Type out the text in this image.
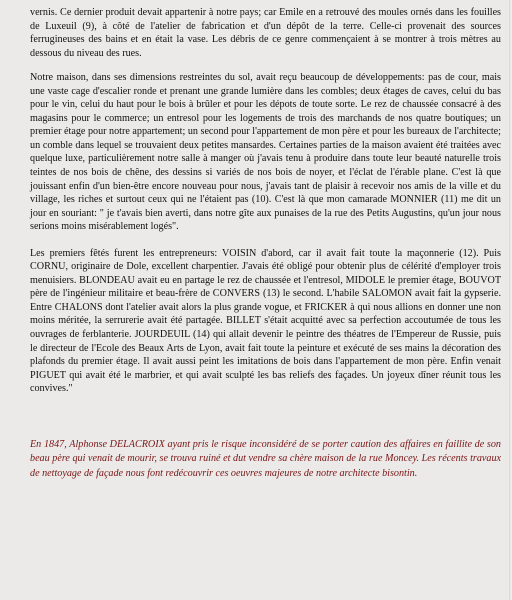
vernis. Ce dernier produit devait appartenir à notre pays; car Emile en a retrouvé des moules ornés dans les fouilles de Luxeuil (9), à côté de l'atelier de fabrication et d'un dépôt de la terre. Celle-ci provenait des sources ferrugineuses des bains et en était la vase. Les débris de ce genre commençaient à se montrer à trois mètres au dessous du niveau des rues.

Notre maison, dans ses dimensions restreintes du sol, avait reçu beaucoup de développements: pas de cour, mais une vaste cage d'escalier ronde et prenant une grande lumière dans les combles; deux étages de caves, celui du bas pour le vin, celui du haut pour le bois à brûler et pour les dépots de toute sorte. Le rez de chaussée consacré à des magasins pour le commerce; un entresol pour les logements de trois des marchands de nos quatre boutiques; un premier étage pour notre appartement; un second pour l'appartement de mon père et pour les bureaux de l'architecte; un comble dans lequel se trouvaient deux petites mansardes. Certaines parties de la maison avaient été traitées avec quelque luxe, particulièrement notre salle à manger où j'avais tenu à produire dans toute leur beauté naturelle trois teintes de nos bois de chêne, des dessins si variés de nos bois de noyer, et l'éclat de l'érable plane. C'est là que jouissant enfin d'un bien-être encore nouveau pour nous, j'avais tant de plaisir à recevoir nos amis de la ville et du village, les riches et surtout ceux qui ne l'étaient pas (10). C'est là que mon camarade MONNIER (11) me dit un jour en souriant: " je t'avais bien averti, dans notre gîte aux punaises de la rue des Petits Augustins, qu'un jour nous serions moins misérablement logés".

Les premiers fêtés furent les entrepreneurs: VOISIN d'abord, car il avait fait toute la maçonnerie (12). Puis CORNU, originaire de Dole, excellent charpentier. J'avais été obligé pour obtenir plus de célérité d'employer trois menuisiers. BLONDEAU avait eu en partage le rez de chaussée et l'entresol, MIDOLE le premier étage, BOUVOT père de l'ingénieur militaire et beau-frère de CONVERS (13) le second. L'habile SALOMON avait fait la gypserie. Entre CHALONS dont l'atelier avait alors la plus grande vogue, et FRICKER à qui nous allions en donner une non moins méritée, la serrurerie avait été partagée. BILLET s'était acquitté avec sa perfection accoutumée de tous les ouvrages de ferblanterie. JOURDEUIL (14) qui allait devenir le peintre des théatres de l'Empereur de Russie, puis le directeur de l'Ecole des Beaux Arts de Lyon, avait fait toute la peinture et exécuté de ses mains la décoration des plafonds du premier étage. Il avait aussi peint les imitations de bois dans l'appartement de mon père. Enfin venait PIGUET qui avait été le marbrier, et qui avait sculpté les bas reliefs des façades. Un joyeux dîner réunit tous les convives."

En 1847, Alphonse DELACROIX ayant pris le risque inconsidéré de se porter caution des affaires en faillite de son beau père qui venait de mourir, se trouva ruiné et dut vendre sa chère maison de la rue Moncey. Les récents travaux de nettoyage de façade nous font redécouvrir ces oeuvres majeures de notre architecte bisontin.
